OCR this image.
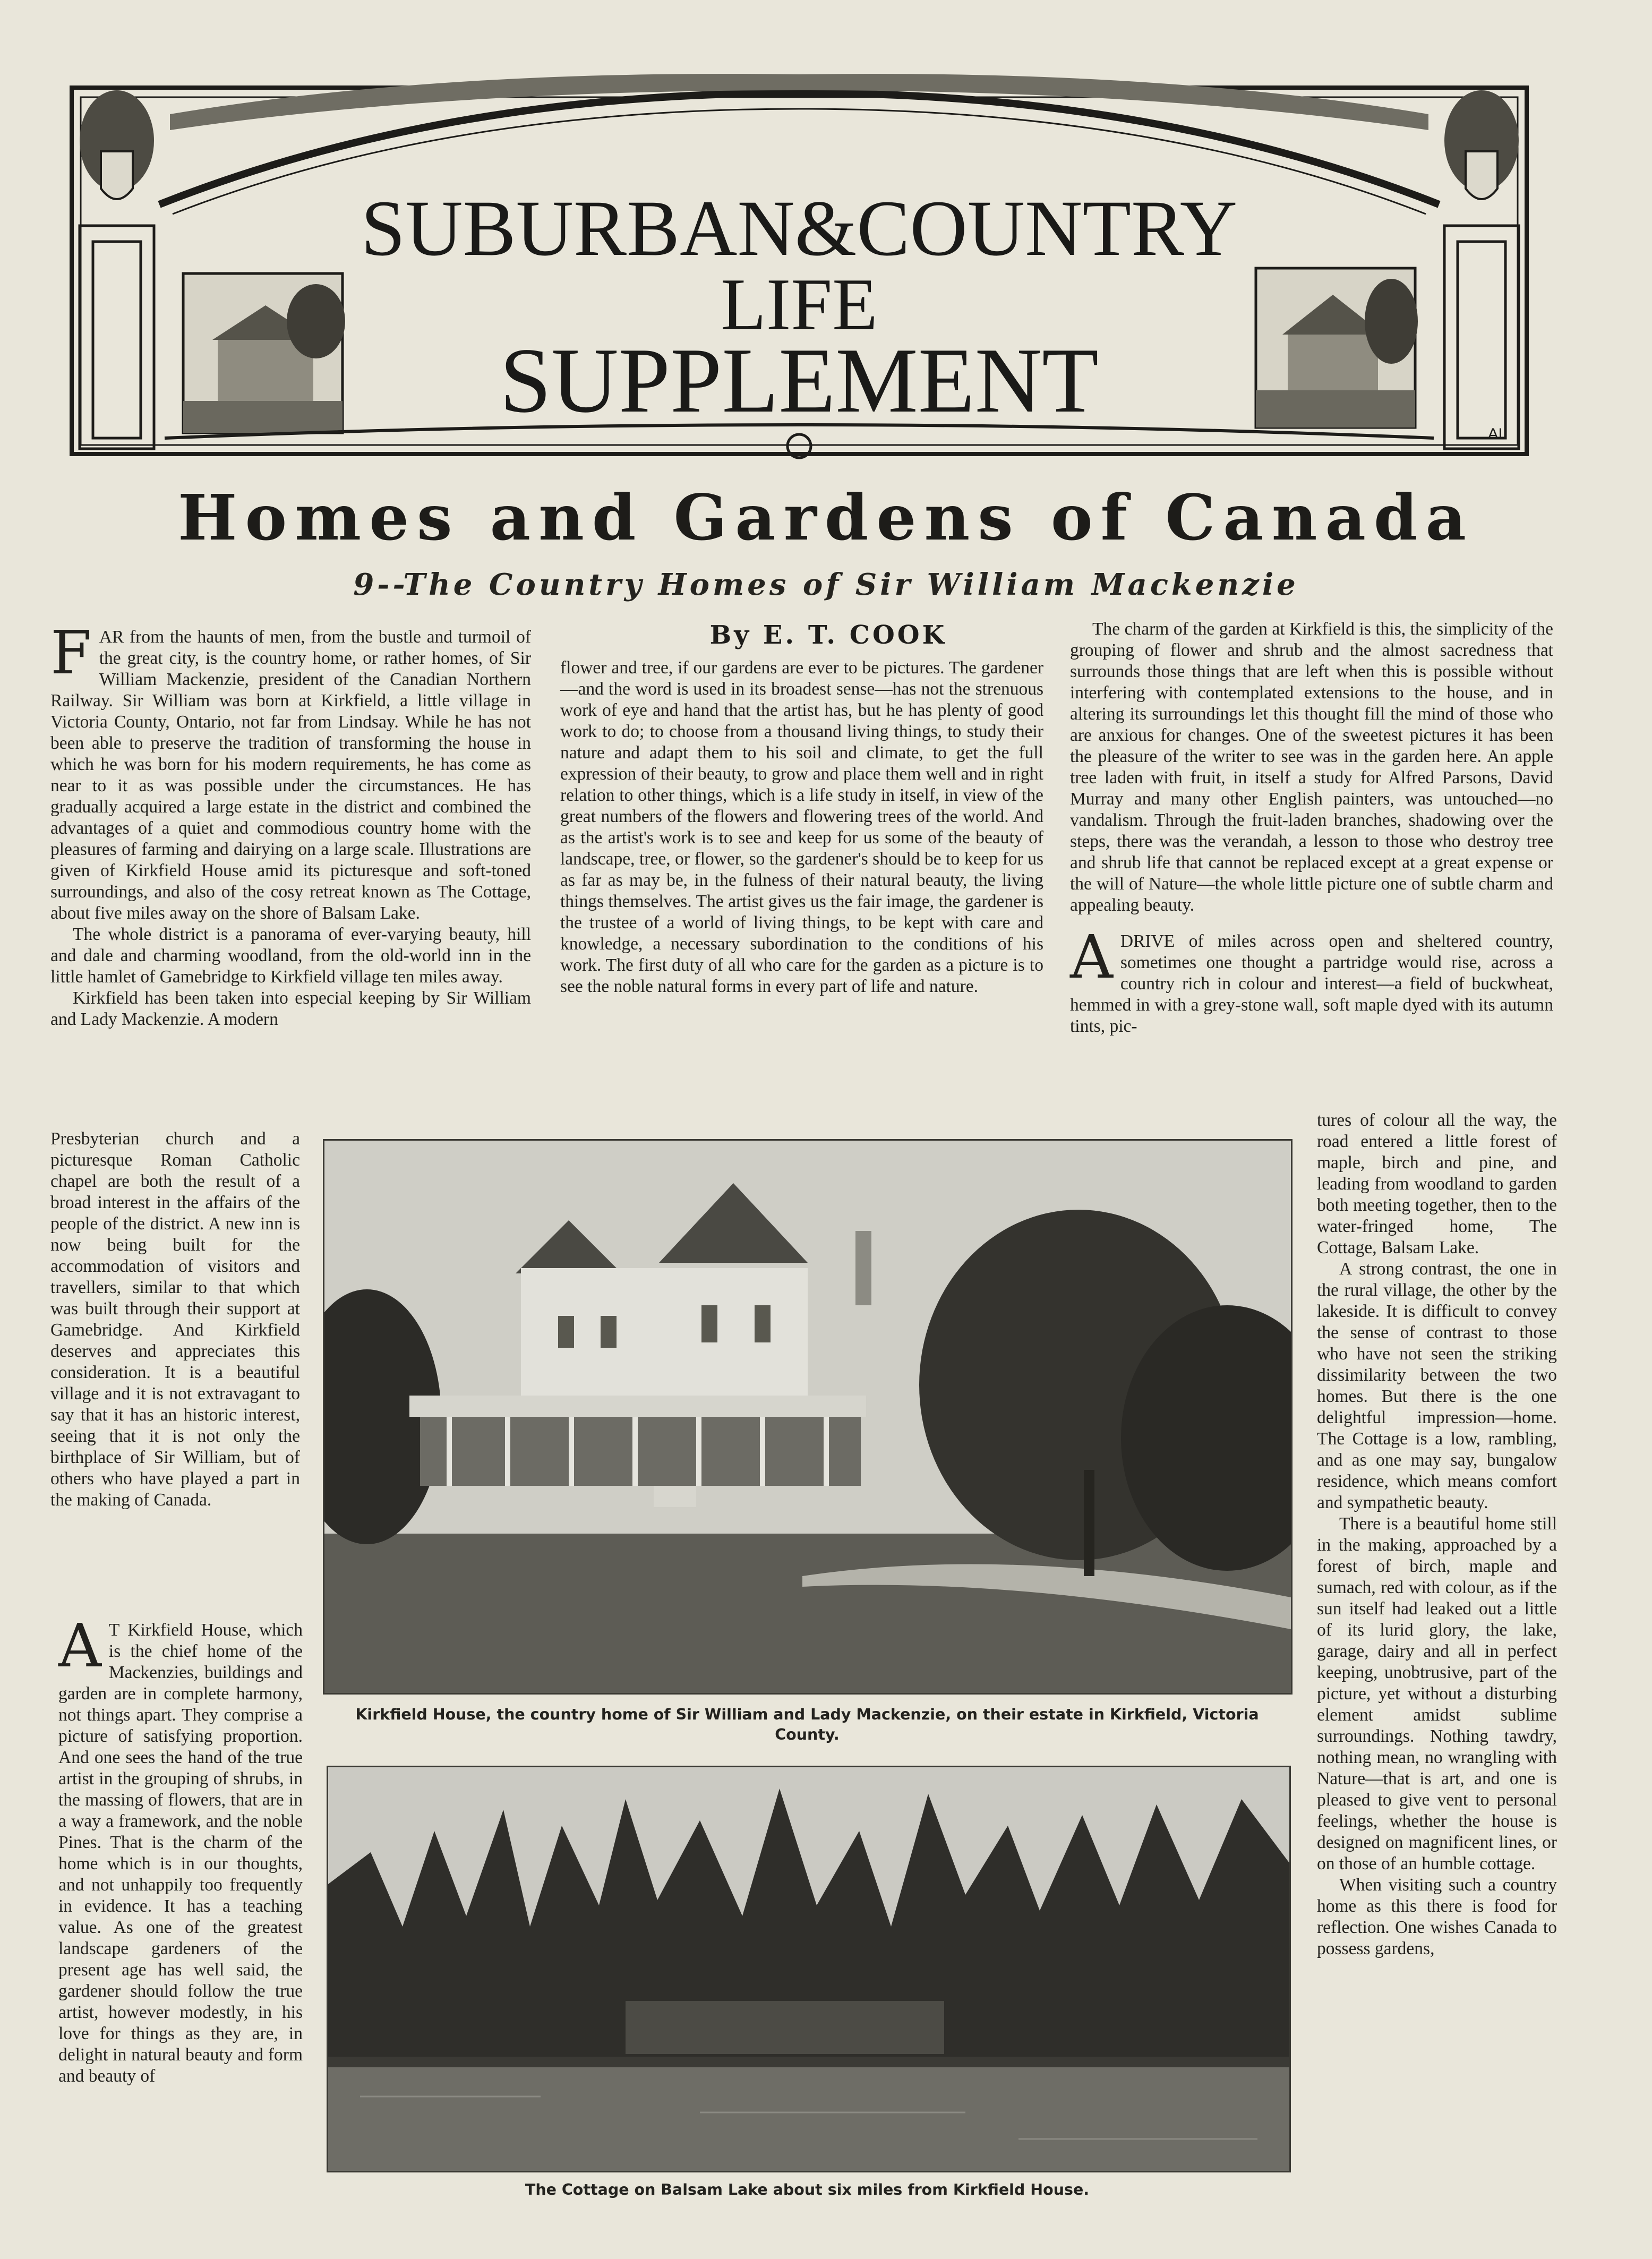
SUBURBAN&COUNTRY
LIFE
SUPPLEMENT
AL
Homes and Gardens of Canada
9--The Country Homes of Sir William Mackenzie
By E. T. COOK

FAR from the haunts of men, from the bustle and turmoil of the great city, is the country home, or rather homes, of Sir William Mackenzie, president of the Canadian Northern Railway. Sir William was born at Kirkfield, a little village in Victoria County, Ontario, not far from Lindsay. While he has not been able to preserve the tradition of transforming the house in which he was born for his modern requirements, he has come as near to it as was possible under the circumstances. He has gradually acquired a large estate in the district and combined the advantages of a quiet and commodious country home with the pleasures of farming and dairying on a large scale. Illustrations are given of Kirkfield House amid its picturesque and soft-toned surroundings, and also of the cosy retreat known as The Cottage, about five miles away on the shore of Balsam Lake.

The whole district is a panorama of ever-varying beauty, hill and dale and charming woodland, from the old-world inn in the little hamlet of Gamebridge to Kirkfield village ten miles away.

Kirkfield has been taken into especial keeping by Sir William and Lady Mackenzie. A modern

Presbyterian church and a picturesque Roman Catholic chapel are both the result of a broad interest in the affairs of the people of the district. A new inn is now being built for the accommodation of visitors and travellers, similar to that which was built through their support at Gamebridge. And Kirkfield deserves and appreciates this consideration. It is a beautiful village and it is not extravagant to say that it has an historic interest, seeing that it is not only the birthplace of Sir William, but of others who have played a part in the making of Canada.

A T Kirkfield House, which is the chief home of the Mackenzies, buildings and garden are in complete harmony, not things apart. They comprise a picture of satisfying proportion. And one sees the hand of the true artist in the grouping of shrubs, in the massing of flowers, that are in a way a framework, and the noble Pines. That is the charm of the home which is in our thoughts, and not unhappily too frequently in evidence. It has a teaching value. As one of the greatest landscape gardeners of the present age has well said, the gardener should follow the true artist, however modestly, in his love for things as they are, in delight in natural beauty and form and beauty of

flower and tree, if our gardens are ever to be pictures. The gardener—and the word is used in its broadest sense—has not the strenuous work of eye and hand that the artist has, but he has plenty of good work to do; to choose from a thousand living things, to study their nature and adapt them to his soil and climate, to get the full expression of their beauty, to grow and place them well and in right relation to other things, which is a life study in itself, in view of the great numbers of the flowers and flowering trees of the world. And as the artist's work is to see and keep for us some of the beauty of landscape, tree, or flower, so the gardener's should be to keep for us as far as may be, in the fulness of their natural beauty, the living things themselves. The artist gives us the fair image, the gardener is the trustee of a world of living things, to be kept with care and knowledge, a necessary subordination to the conditions of his work. The first duty of all who care for the garden as a picture is to see the noble natural forms in every part of life and nature.

The charm of the garden at Kirkfield is this, the simplicity of the grouping of flower and shrub and the almost sacredness that surrounds those things that are left when this is possible without interfering with contemplated extensions to the house, and in altering its surroundings let this thought fill the mind of those who are anxious for changes. One of the sweetest pictures it has been the pleasure of the writer to see was in the garden here. An apple tree laden with fruit, in itself a study for Alfred Parsons, David Murray and many other English painters, was untouched—no vandalism. Through the fruit-laden branches, shadowing over the steps, there was the verandah, a lesson to those who destroy tree and shrub life that cannot be replaced except at a great expense or the will of Nature—the whole little picture one of subtle charm and appealing beauty.

ADRIVE of miles across open and sheltered country, sometimes one thought a partridge would rise, across a country rich in colour and interest—a field of buckwheat, hemmed in with a grey-stone wall, soft maple dyed with its autumn tints, pic-

tures of colour all the way, the road entered a little forest of maple, birch and pine, and leading from woodland to garden both meeting together, then to the water-fringed home, The Cottage, Balsam Lake.

A strong contrast, the one in the rural village, the other by the lakeside. It is difficult to convey the sense of contrast to those who have not seen the striking dissimilarity between the two homes. But there is the one delightful impression—home. The Cottage is a low, rambling, and as one may say, bungalow residence, which means comfort and sympathetic beauty.

There is a beautiful home still in the making, approached by a forest of birch, maple and sumach, red with colour, as if the sun itself had leaked out a little of its lurid glory, the lake, garage, dairy and all in perfect keeping, unobtrusive, part of the picture, yet without a disturbing element amidst sublime surroundings. Nothing tawdry, nothing mean, no wrangling with Nature—that is art, and one is pleased to give vent to personal feelings, whether the house is designed on magnificent lines, or on those of an humble cottage.

When visiting such a country home as this there is food for reflection. One wishes Canada to possess gardens,

Kirkfield House, the country home of Sir William and Lady Mackenzie, on their estate in Kirkfield, Victoria County.
The Cottage on Balsam Lake about six miles from Kirkfield House.
